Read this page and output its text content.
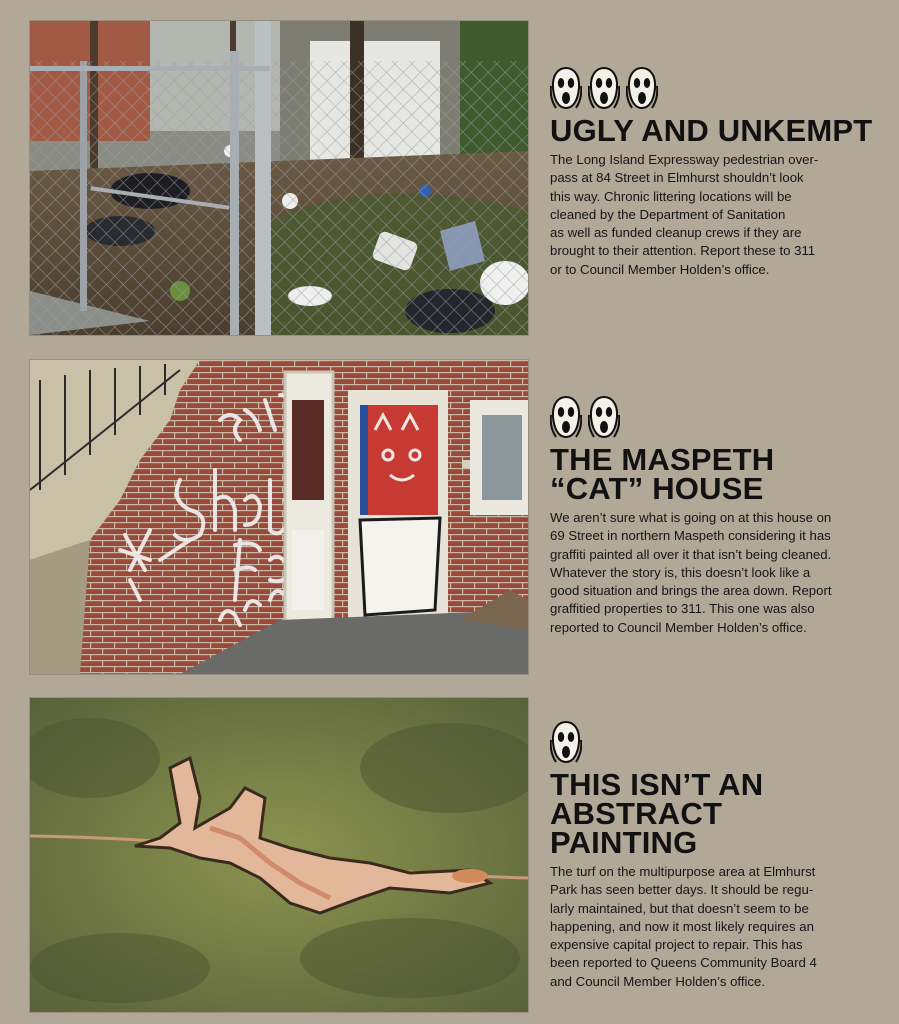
UGLY AND UNKEMPT

The Long Island Expressway pedestrian over-
pass at 84 Street in Elmhurst shouldn’t look
this way. Chronic littering locations will be
cleaned by the Department of Sanitation
as well as funded cleanup crews if they are
brought to their attention. Report these to 311
or to Council Member Holden’s office.

THE MASPETH
“CAT” HOUSE

We aren’t sure what is going on at this house on
69 Street in northern Maspeth considering it has
graffiti painted all over it that isn’t being cleaned.
Whatever the story is, this doesn’t look like a
good situation and brings the area down. Report
graffitied properties to 311. This one was also
reported to Council Member Holden’s office.

THIS ISN’T AN
ABSTRACT
PAINTING

The turf on the multipurpose area at Elmhurst
Park has seen better days. It should be regu-
larly maintained, but that doesn’t seem to be
happening, and now it most likely requires an
expensive capital project to repair. This has
been reported to Queens Community Board 4
and Council Member Holden’s office.
